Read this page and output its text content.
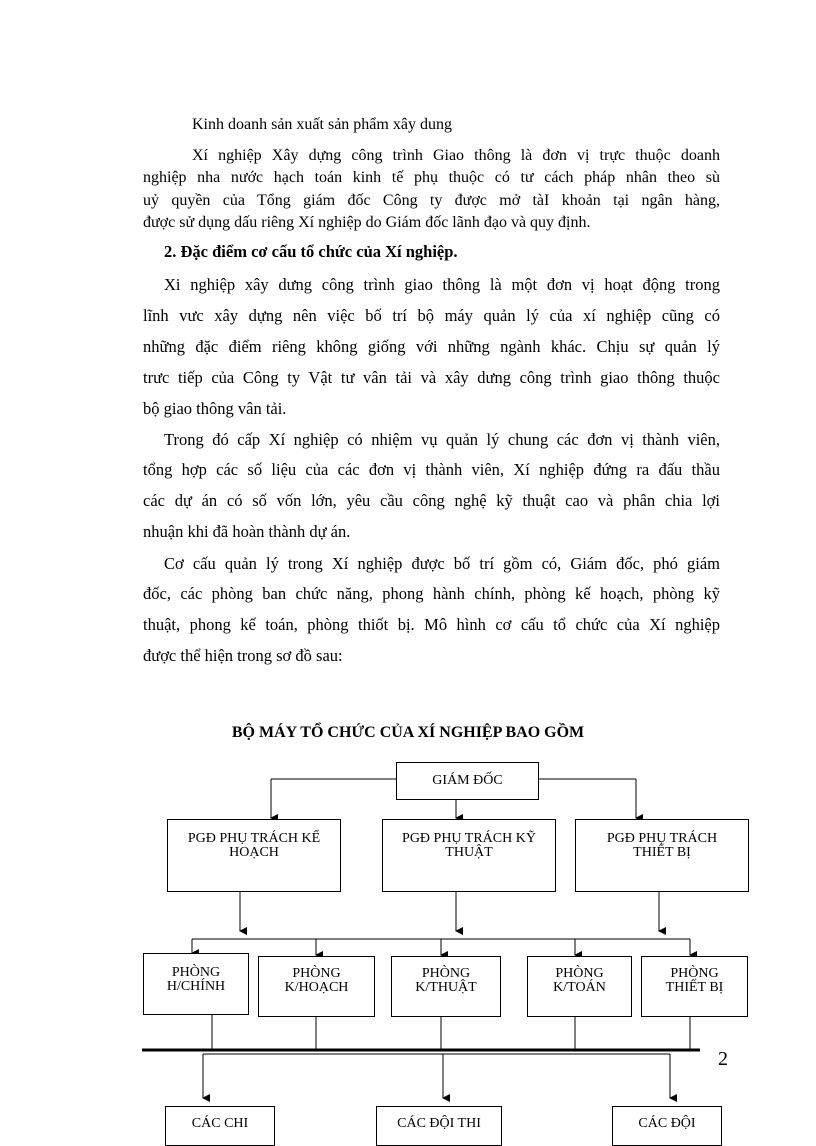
Kinh doanh sản xuất sản phẩm xây dung

Xí nghiệp Xây dựng công trình Giao thông là đơn vị trực thuộc doanh

nghiệp nha nước hạch toán kinh tế phụ thuộc có tư cách pháp nhân theo sù

uỷ quyền của Tổng giám đốc Công ty được mở tàI khoản tại ngân hàng,

được sử dụng dấu riêng Xí nghiệp do Giám đốc lãnh đạo và quy định.

2. Đặc điểm cơ cấu tổ chức của Xí nghiệp.
Xi nghiệp xây dưng công trình giao thông là một đơn vị hoạt động trong
lĩnh vưc xây dựng nên việc bố trí bộ máy quản lý của xí nghiệp cũng có
những đặc điểm riêng không giống với những ngành khác. Chịu sự quản lý
trưc tiếp của Công ty Vật tư vân tải và xây dưng công trình giao thông thuộc
bộ giao thông vân tải.
Trong đó cấp Xí nghiệp có nhiệm vụ quản lý chung các đơn vị thành viên,
tổng hợp các số liệu của các đơn vị thành viên, Xí nghiệp đứng ra đấu thầu
các dự án có số vốn lớn, yêu cầu công nghệ kỹ thuật cao và phân chia lợi
nhuận khi đã hoàn thành dự án.
Cơ cấu quản lý trong Xí nghiệp được bố trí gồm có, Giám đốc, phó giám
đốc, các phòng ban chức năng, phong hành chính, phòng kế hoạch, phòng kỹ
thuật, phong kế toán, phòng thiốt bị. Mô hình cơ cấu tổ chức của Xí nghiệp
được thể hiện trong sơ đồ sau:
BỘ MÁY TỔ CHỨC CỦA XÍ NGHIỆP BAO GỒM
GIÁM ĐỐC
PGĐ PHỤ TRÁCH KẾ
HOẠCH
PGĐ PHỤ TRÁCH KỸ
THUẬT
PGĐ PHỤ TRÁCH
THIẾT BỊ
PHÒNG
H/CHÍNH
PHÒNG
K/HOẠCH
PHÒNG
K/THUẬT
PHÒNG
K/TOÁN
PHÒNG
THIẾT BỊ
CÁC CHI	CÁC ĐỘI THI	CÁC ĐỘI
2
